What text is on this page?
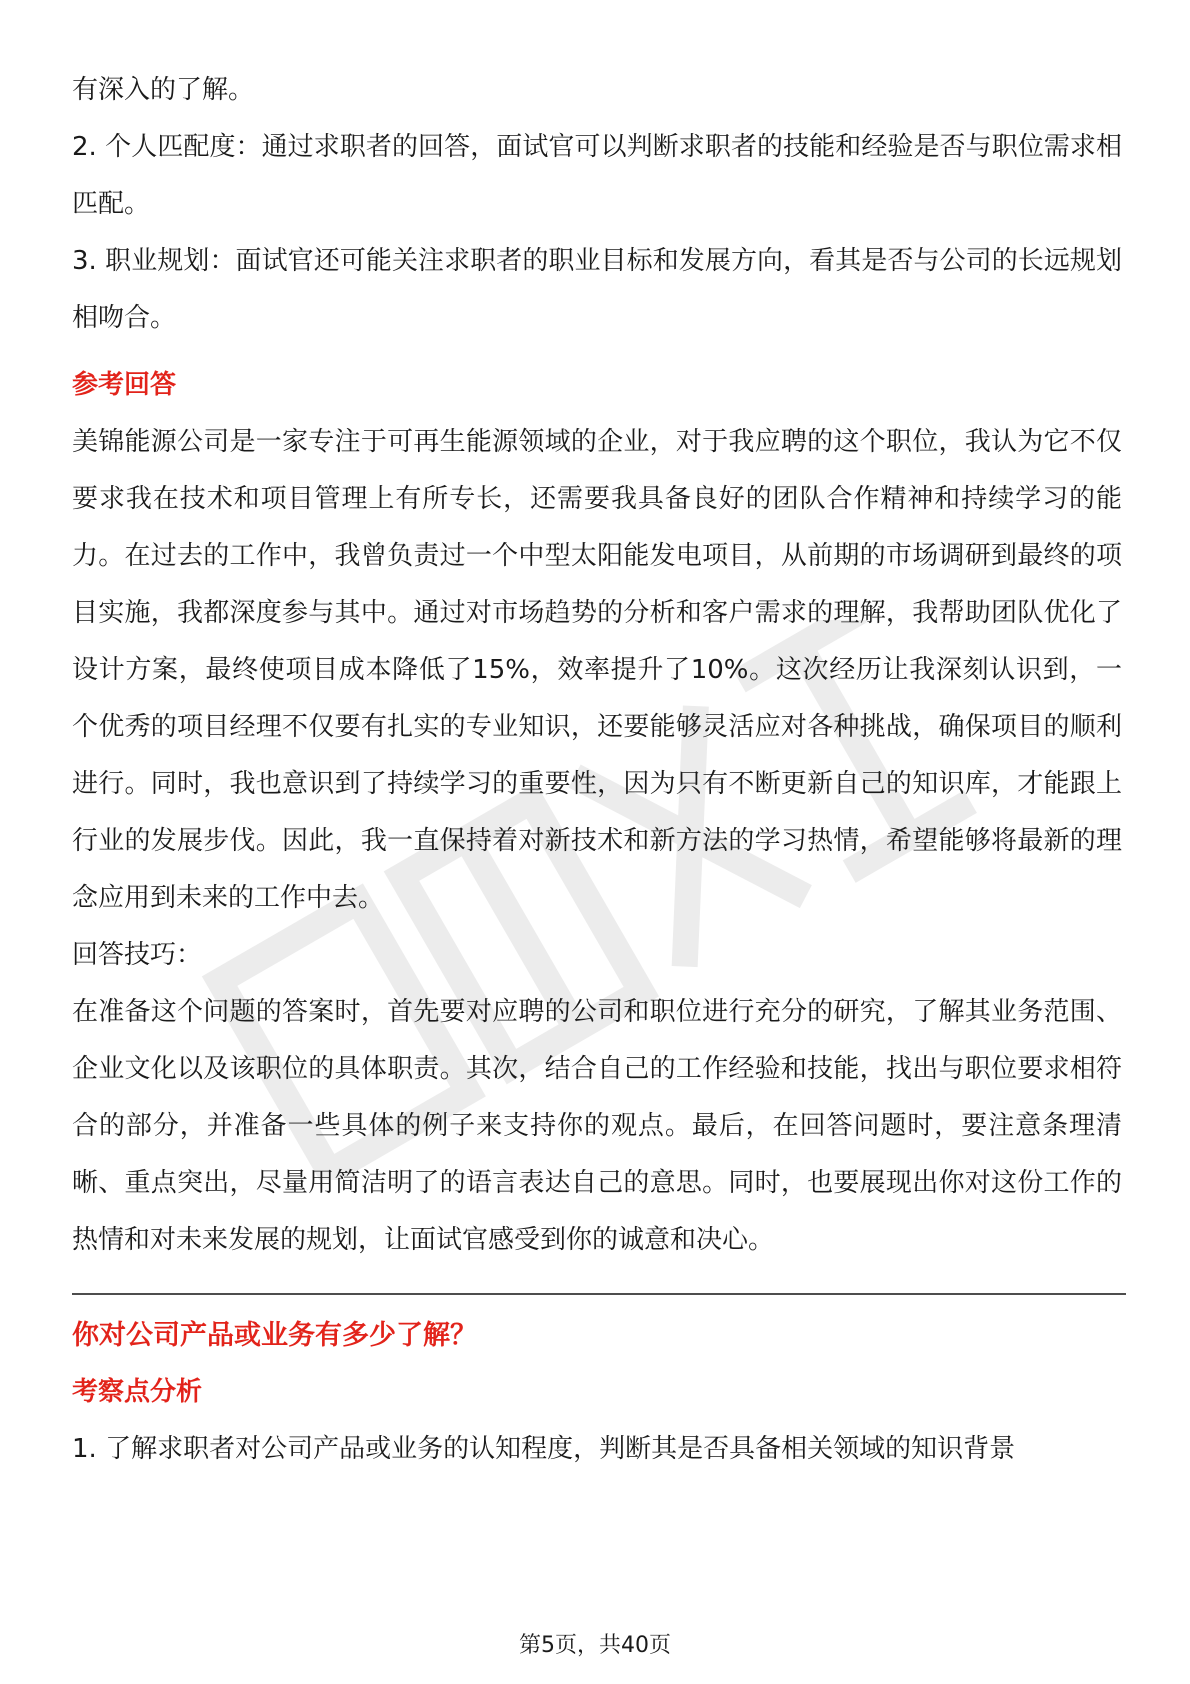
有深入的了解。

2. 个人匹配度：通过求职者的回答，面试官可以判断求职者的技能和经验是否与职位需求相匹配。

3. 职业规划：面试官还可能关注求职者的职业目标和发展方向，看其是否与公司的长远规划相吻合。

参考回答

美锦能源公司是一家专注于可再生能源领域的企业，对于我应聘的这个职位，我认为它不仅要求我在技术和项目管理上有所专长，还需要我具备良好的团队合作精神和持续学习的能力。在过去的工作中，我曾负责过一个中型太阳能发电项目，从前期的市场调研到最终的项目实施，我都深度参与其中。通过对市场趋势的分析和客户需求的理解，我帮助团队优化了设计方案，最终使项目成本降低了15%，效率提升了10%。这次经历让我深刻认识到，一个优秀的项目经理不仅要有扎实的专业知识，还要能够灵活应对各种挑战，确保项目的顺利进行。同时，我也意识到了持续学习的重要性，因为只有不断更新自己的知识库，才能跟上行业的发展步伐。因此，我一直保持着对新技术和新方法的学习热情，希望能够将最新的理念应用到未来的工作中去。

回答技巧：

在准备这个问题的答案时，首先要对应聘的公司和职位进行充分的研究，了解其业务范围、企业文化以及该职位的具体职责。其次，结合自己的工作经验和技能，找出与职位要求相符合的部分，并准备一些具体的例子来支持你的观点。最后，在回答问题时，要注意条理清晰、重点突出，尽量用简洁明了的语言表达自己的意思。同时，也要展现出你对这份工作的热情和对未来发展的规划，让面试官感受到你的诚意和决心。

你对公司产品或业务有多少了解？

考察点分析

1. 了解求职者对公司产品或业务的认知程度，判断其是否具备相关领域的知识背景

第5页，共40页
